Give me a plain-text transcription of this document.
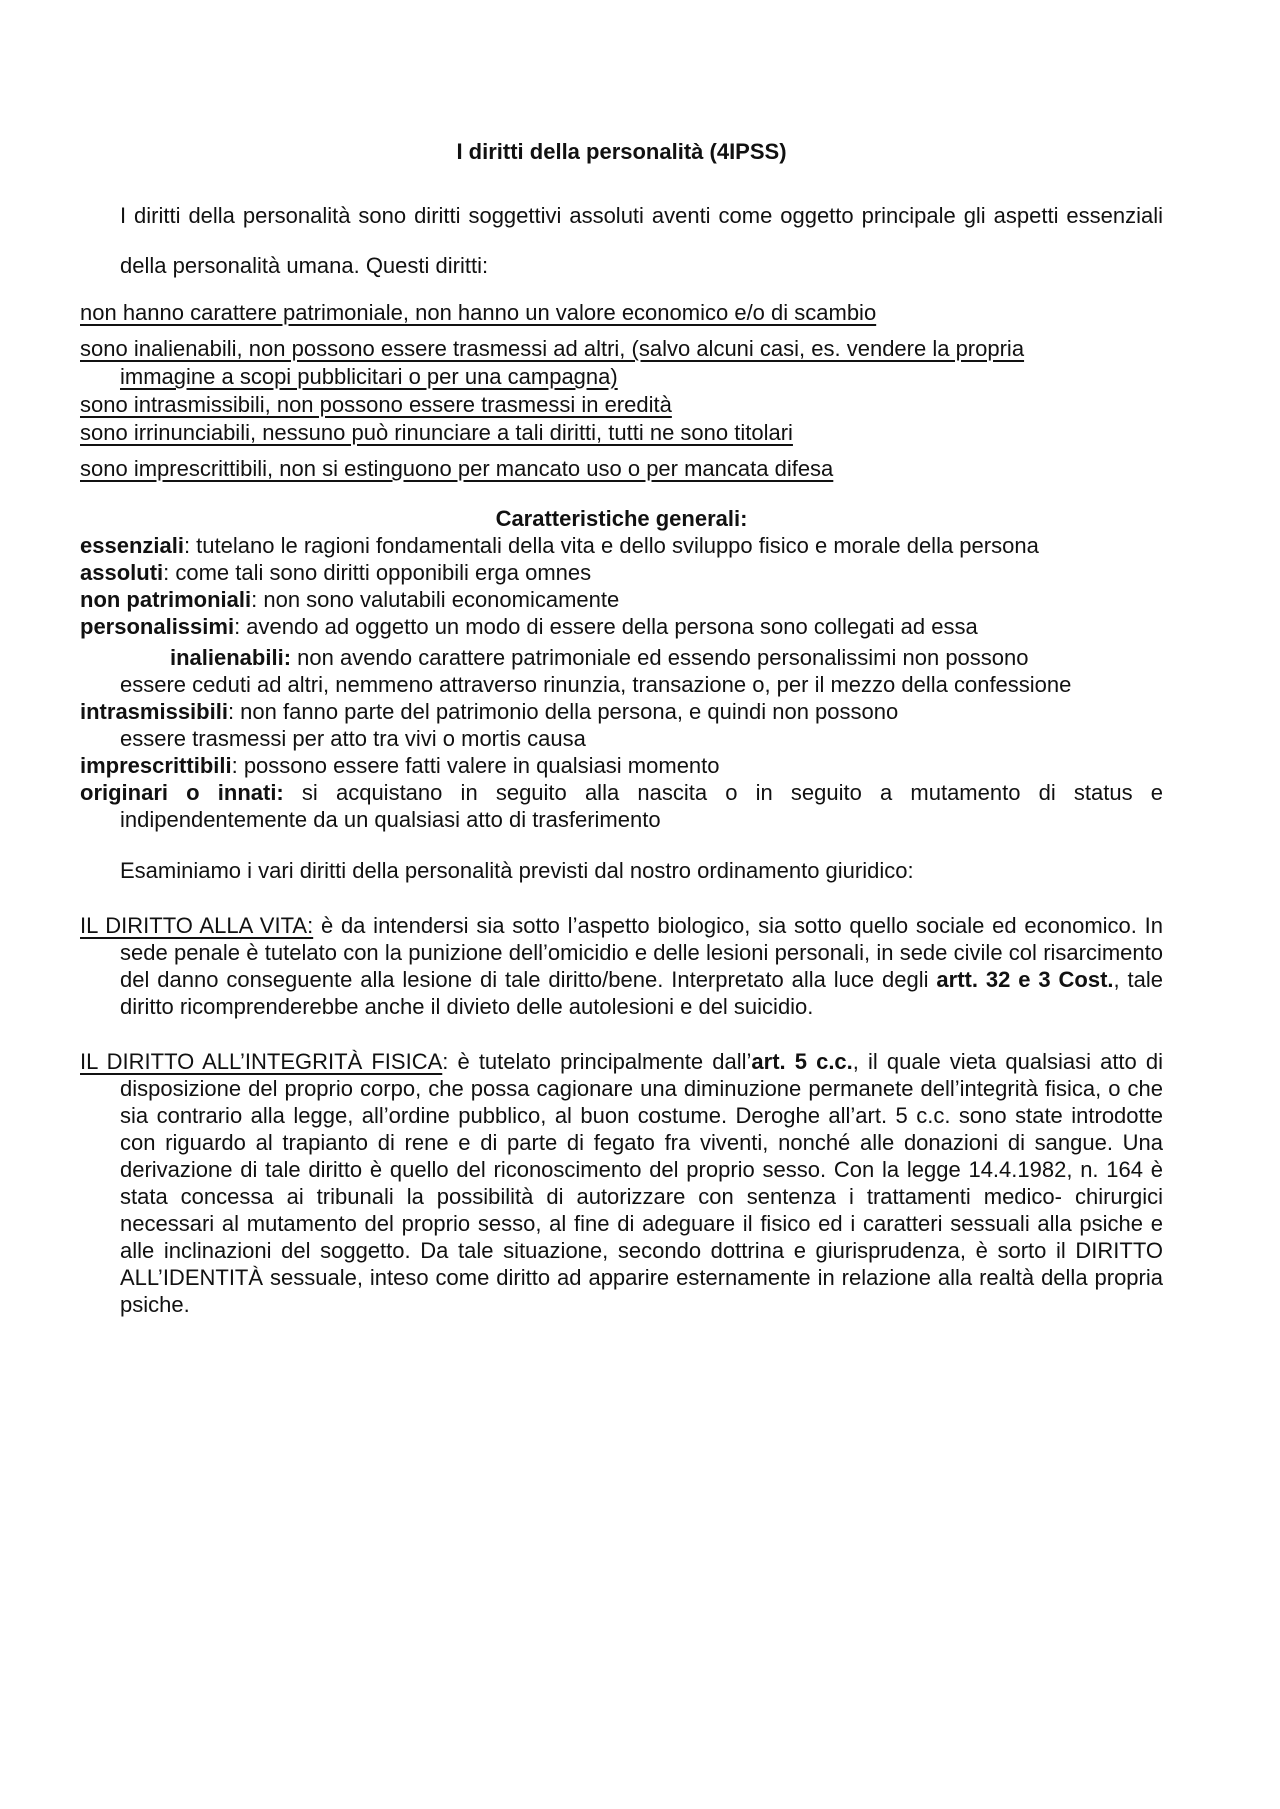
I diritti della personalità (4IPSS)

I diritti della personalità sono diritti soggettivi assoluti aventi come oggetto principale gli aspetti essenziali della personalità umana. Questi diritti:

non hanno carattere patrimoniale, non hanno un valore economico e/o di scambio
sono inalienabili, non possono essere trasmessi ad altri, (salvo alcuni casi, es. vendere la propria
immagine a scopi pubblicitari o per una campagna)
sono intrasmissibili, non possono essere trasmessi in eredità
sono irrinunciabili, nessuno può rinunciare a tali diritti, tutti ne sono titolari
sono imprescrittibili, non si estinguono per mancato uso o per mancata difesa
Caratteristiche generali:

essenziali: tutelano le ragioni fondamentali della vita e dello sviluppo fisico e morale della persona

assoluti: come tali sono diritti opponibili erga omnes

non patrimoniali: non sono valutabili economicamente

personalissimi: avendo ad oggetto un modo di essere della persona sono collegati ad essa

inalienabili: non avendo carattere patrimoniale ed essendo personalissimi non possono
essere ceduti ad altri, nemmeno attraverso rinunzia, transazione o, per il mezzo della confessione

intrasmissibili: non fanno parte del patrimonio della persona, e quindi non possono
essere trasmessi per atto tra vivi o mortis causa

imprescrittibili: possono essere fatti valere in qualsiasi momento

originari o innati: si acquistano in seguito alla nascita o in seguito a mutamento di status e indipendentemente da un qualsiasi atto di trasferimento

Esaminiamo i vari diritti della personalità previsti dal nostro ordinamento giuridico:

IL DIRITTO ALLA VITA: è da intendersi sia sotto l’aspetto biologico, sia sotto quello sociale ed economico. In sede penale è tutelato con la punizione dell’omicidio e delle lesioni personali, in sede civile col risarcimento del danno conseguente alla lesione di tale diritto/bene. Interpretato alla luce degli artt. 32 e 3 Cost., tale diritto ricomprenderebbe anche il divieto delle autolesioni e del suicidio.

IL DIRITTO ALL’INTEGRITÀ FISICA: è tutelato principalmente dall’art. 5 c.c., il quale vieta qualsiasi atto di disposizione del proprio corpo, che possa cagionare una diminuzione permanete dell’integrità fisica, o che sia contrario alla legge, all’ordine pubblico, al buon costume. Deroghe all’art. 5 c.c. sono state introdotte con riguardo al trapianto di rene e di parte di fegato fra viventi, nonché alle donazioni di sangue. Una derivazione di tale diritto è quello del riconoscimento del proprio sesso. Con la legge 14.4.1982, n. 164 è stata concessa ai tribunali la possibilità di autorizzare con sentenza i trattamenti medico- chirurgici necessari al mutamento del proprio sesso, al fine di adeguare il fisico ed i caratteri sessuali alla psiche e alle inclinazioni del soggetto. Da tale situazione, secondo dottrina e giurisprudenza, è sorto il DIRITTO ALL’IDENTITÀ sessuale, inteso come diritto ad apparire esternamente in relazione alla realtà della propria psiche.
